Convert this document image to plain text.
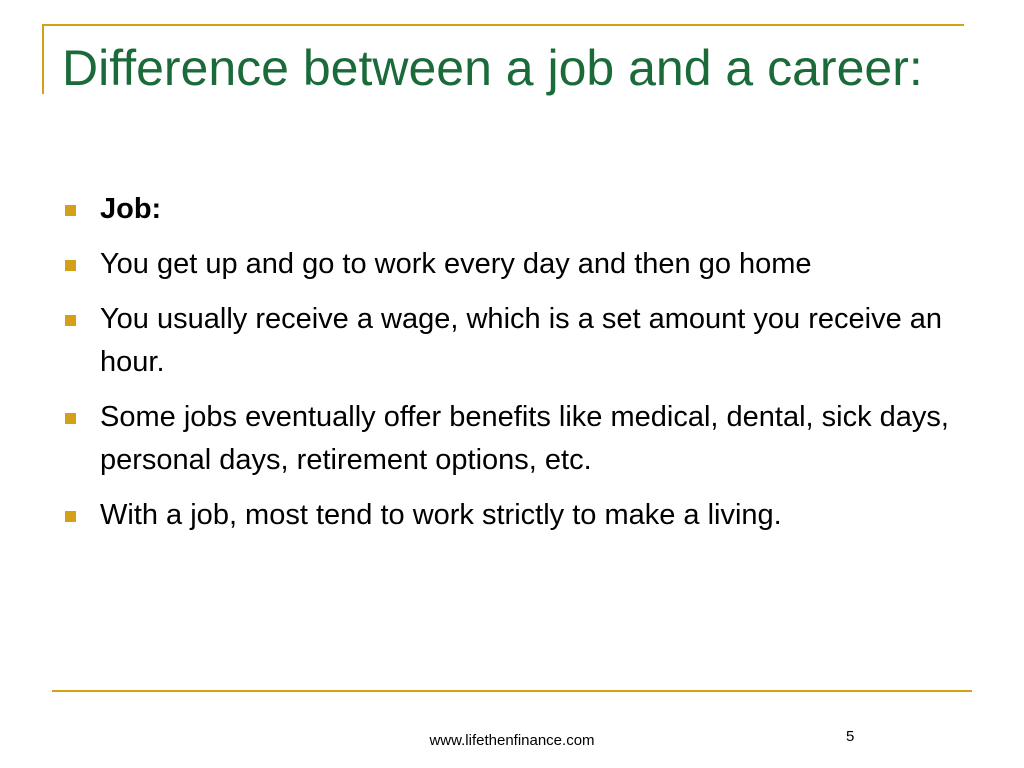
Difference between a job and a career:
Job:
You get up and go to work every day and then go home
You usually receive a wage, which is a set amount you receive an hour.
Some jobs eventually offer benefits like medical, dental, sick days, personal days, retirement options, etc.
With a job, most tend to work strictly to make a living.

www.lifethenfinance.com	5
